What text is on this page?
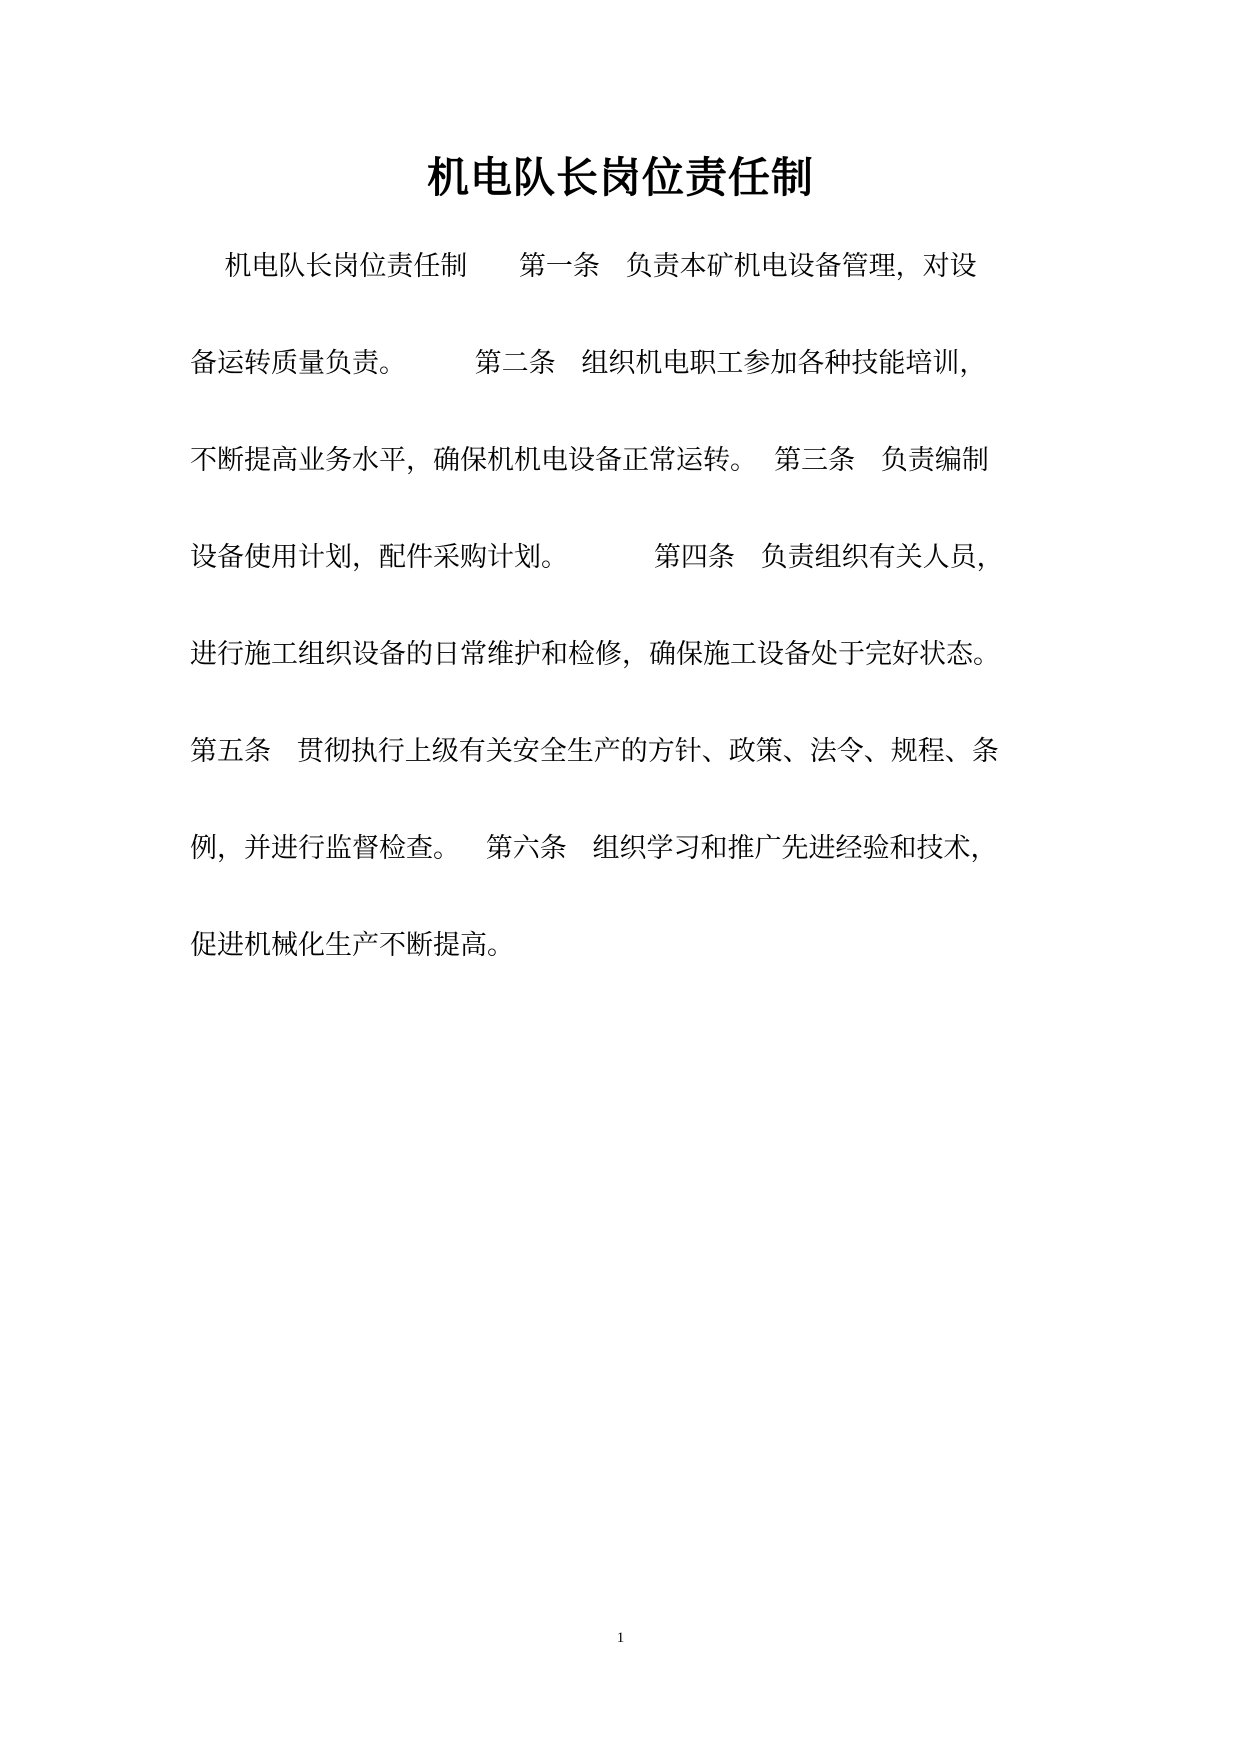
机电队长岗位责任制
机电队长岗位责任制      第一条   负责本矿机电设备管理，对设
备运转质量负责。        第二条   组织机电职工参加各种技能培训，
不断提高业务水平，确保机机电设备正常运转。  第三条   负责编制
设备使用计划，配件采购计划。          第四条   负责组织有关人员，
进行施工组织设备的日常维护和检修，确保施工设备处于完好状态。
第五条   贯彻执行上级有关安全生产的方针、政策、法令、规程、条
例，并进行监督检查。   第六条   组织学习和推广先进经验和技术，
促进机械化生产不断提高。
1
